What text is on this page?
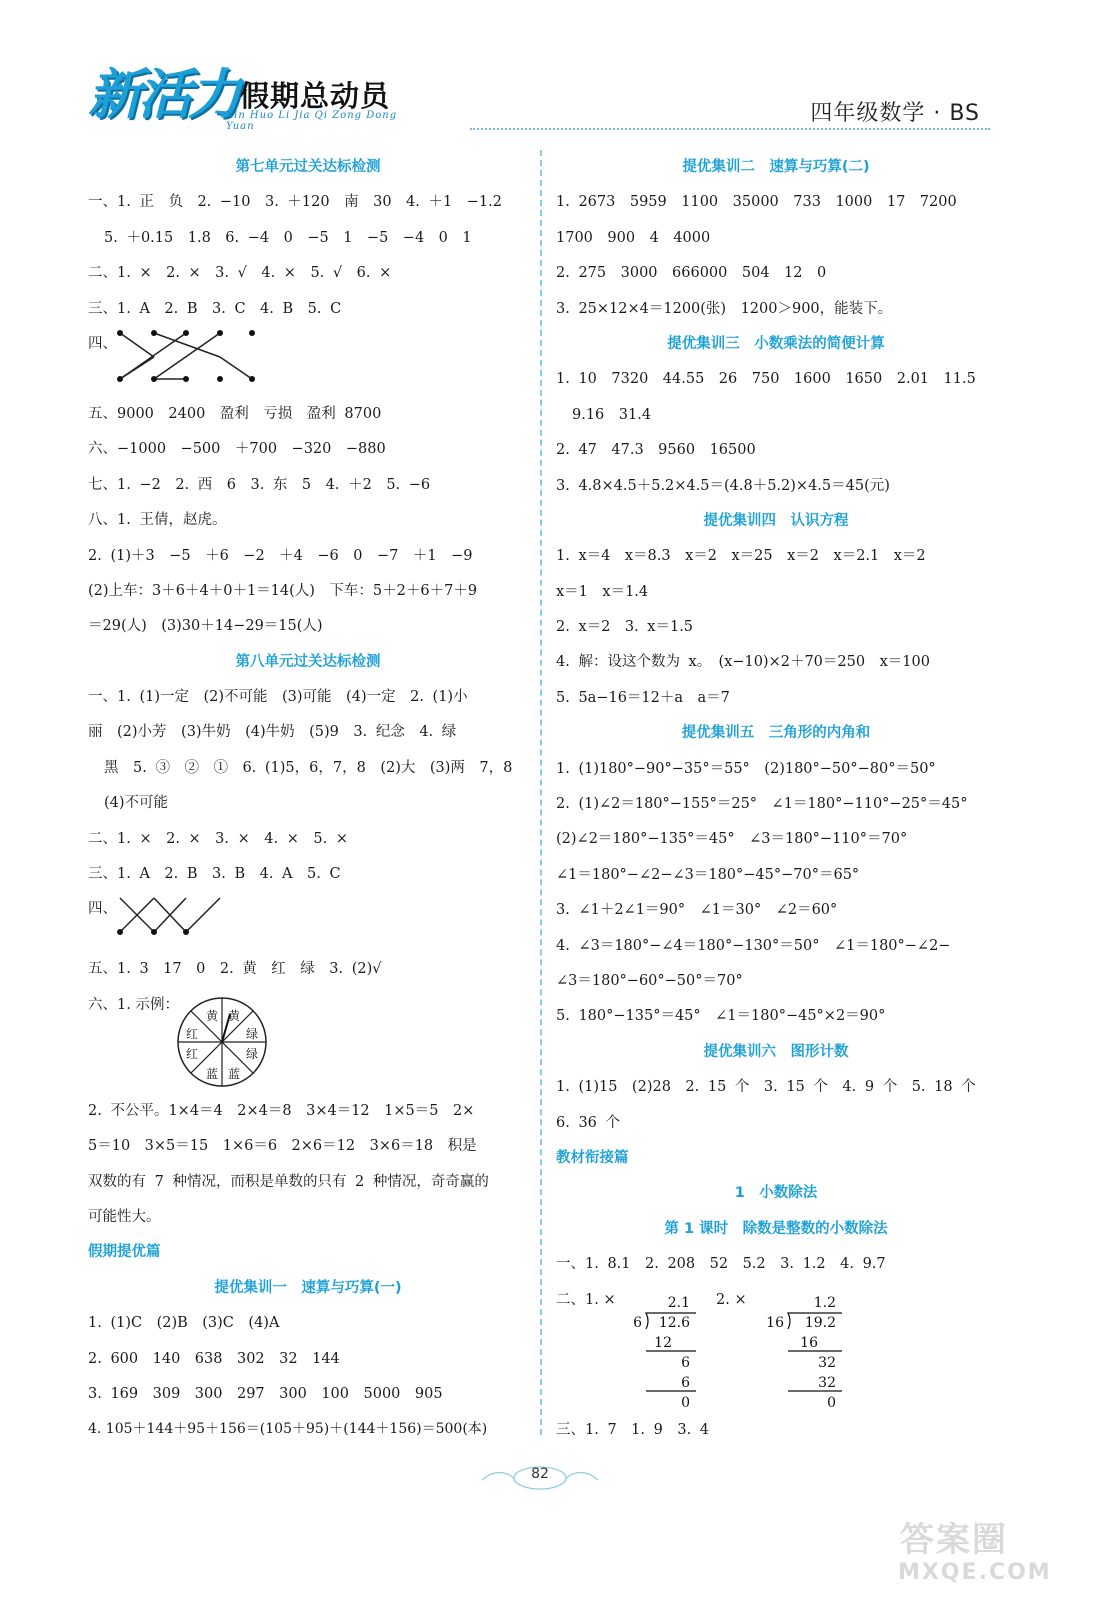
新活力 假期总动员
Xin Huo Li Jia Qi Zong Dong Yuan
四年级数学 · BS
第七单元过关达标检测
一、1. 正　负　2. −10　3. ＋120　南　30　4. ＋1　−1.2
5. ＋0.15　1.8　6. −4　0　−5　1　−5　−4　0　1
二、1. ×　2. ×　3. √　4. ×　5. √　6. ×
三、1. A　2. B　3. C　4. B　5. C
四、
五、9000　2400　盈利　亏损　盈利 8700
六、−1000　−500　＋700　−320　−880
七、1. −2　2. 西　6　3. 东　5　4. ＋2　5. −6
八、1. 王倩，赵虎。
2. (1)＋3　−5　＋6　−2　＋4　−6　0　−7　＋1　−9
(2)上车：3＋6＋4＋0＋1＝14(人)　下车：5＋2＋6＋7＋9
＝29(人)　(3)30＋14−29＝15(人)
第八单元过关达标检测
一、1. (1)一定　(2)不可能　(3)可能　(4)一定　2. (1)小
丽　(2)小芳　(3)牛奶　(4)牛奶　(5)9　3. 纪念　4. 绿
黑　5. ③　②　①　6. (1)5，6，7，8　(2)大　(3)两　7，8
(4)不可能
二、1. ×　2. ×　3. ×　4. ×　5. ×
三、1. A　2. B　3. B　4. A　5. C
四、
五、1. 3　17　0　2. 黄　红　绿　3. (2)√
六、1. 示例：
黄 黄
绿
绿
蓝
蓝
红
红
2. 不公平。1×4＝4　2×4＝8　3×4＝12　1×5＝5　2×
5＝10　3×5＝15　1×6＝6　2×6＝12　3×6＝18　积是
双数的有 7 种情况，而积是单数的只有 2 种情况，奇奇赢的
可能性大。
假期提优篇
提优集训一　速算与巧算(一)
1. (1)C　(2)B　(3)C　(4)A
2. 600　140　638　302　32　144
3. 169　309　300　297　300　100　5000　905
4. 105＋144＋95＋156＝(105＋95)＋(144＋156)＝500(本)
提优集训二　速算与巧算(二)
1. 2673　5959　1100　35000　733　1000　17　7200
1700　900　4　4000
2. 275　3000　666000　504　12　0
3. 25×12×4＝1200(张)　1200＞900，能装下。
提优集训三　小数乘法的简便计算
1. 10　7320　44.55　26　750　1600　1650　2.01　11.5
9.16　31.4
2. 47　47.3　9560　16500
3. 4.8×4.5＋5.2×4.5＝(4.8＋5.2)×4.5＝45(元)
提优集训四　认识方程
1. x＝4　x＝8.3　x＝2　x＝25　x＝2　x＝2.1　x＝2
x＝1　x＝1.4
2. x＝2　3. x＝1.5
4. 解：设这个数为 x。　(x−10)×2＋70＝250　x＝100
5. 5a−16＝12＋a　a＝7
提优集训五　三角形的内角和
1. (1)180°−90°−35°＝55°　(2)180°−50°−80°＝50°
2. (1)∠2＝180°−155°＝25°　∠1＝180°−110°−25°＝45°
(2)∠2＝180°−135°＝45°　∠3＝180°−110°＝70°
∠1＝180°−∠2−∠3＝180°−45°−70°＝65°
3. ∠1＋2∠1＝90°　∠1＝30°　∠2＝60°
4. ∠3＝180°−∠4＝180°−130°＝50°　∠1＝180°−∠2−
∠3＝180°−60°−50°＝70°
5. 180°−135°＝45°　∠1＝180°−45°×2＝90°
提优集训六　图形计数
1. (1)15　(2)28　2. 15 个　3. 15 个　4. 9 个　5. 18 个
6. 36 个
教材衔接篇
1　小数除法
第 1 课时　除数是整数的小数除法
一、1. 8.1　2. 208　52　5.2　3. 1.2　4. 9.7
二、1. ×	2.1
6 12.6
12
6
6
0
2. ×	1.2
16 19.2
16
32
32
0
三、1. 7　1. 9　3. 4
82
答案圈
MXQE.COM
